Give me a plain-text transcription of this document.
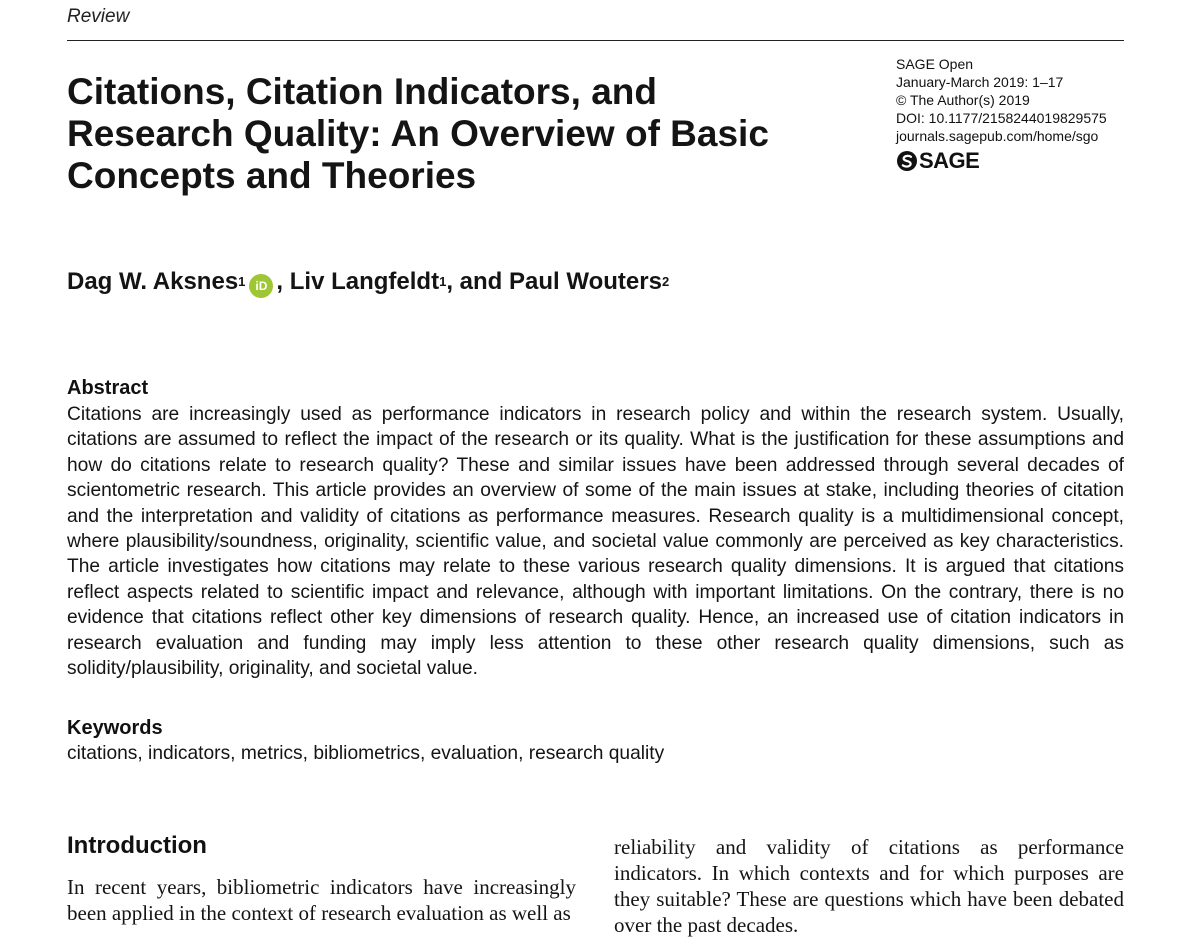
Review
Citations, Citation Indicators, and
Research Quality: An Overview of Basic
Concepts and Theories
SAGE Open
January-March 2019: 1–17
© The Author(s) 2019
DOI: 10.1177/2158244019829575
journals.sagepub.com/home/sgo
SAGE
Dag W. Aksnes$^1$ iD ,
Liv Langfeldt$^1$ , and
Paul Wouters$^2$
Abstract

Citations are increasingly used as performance indicators in research policy and within the research system. Usually, citations are assumed to reflect the impact of the research or its quality. What is the justification for these assumptions and how do citations relate to research quality? These and similar issues have been addressed through several decades of scientometric research. This article provides an overview of some of the main issues at stake, including theories of citation and the interpretation and validity of citations as performance measures. Research quality is a multidimensional concept, where plausibility/soundness, originality, scientific value, and societal value commonly are perceived as key characteristics. The article investigates how citations may relate to these various research quality dimensions. It is argued that citations reflect aspects related to scientific impact and relevance, although with important limitations. On the contrary, there is no evidence that citations reflect other key dimensions of research quality. Hence, an increased use of citation indicators in research evaluation and funding may imply less attention to these other research quality dimensions, such as solidity/plausibility, originality, and societal value.

Keywords
citations, indicators, metrics, bibliometrics, evaluation, research quality
Introduction

In recent years, bibliometric indicators have increasingly been applied in the context of research evaluation as well as

reliability and validity of citations as performance indicators. In which contexts and for which purposes are they suitable? These are questions which have been debated over the past decades.
